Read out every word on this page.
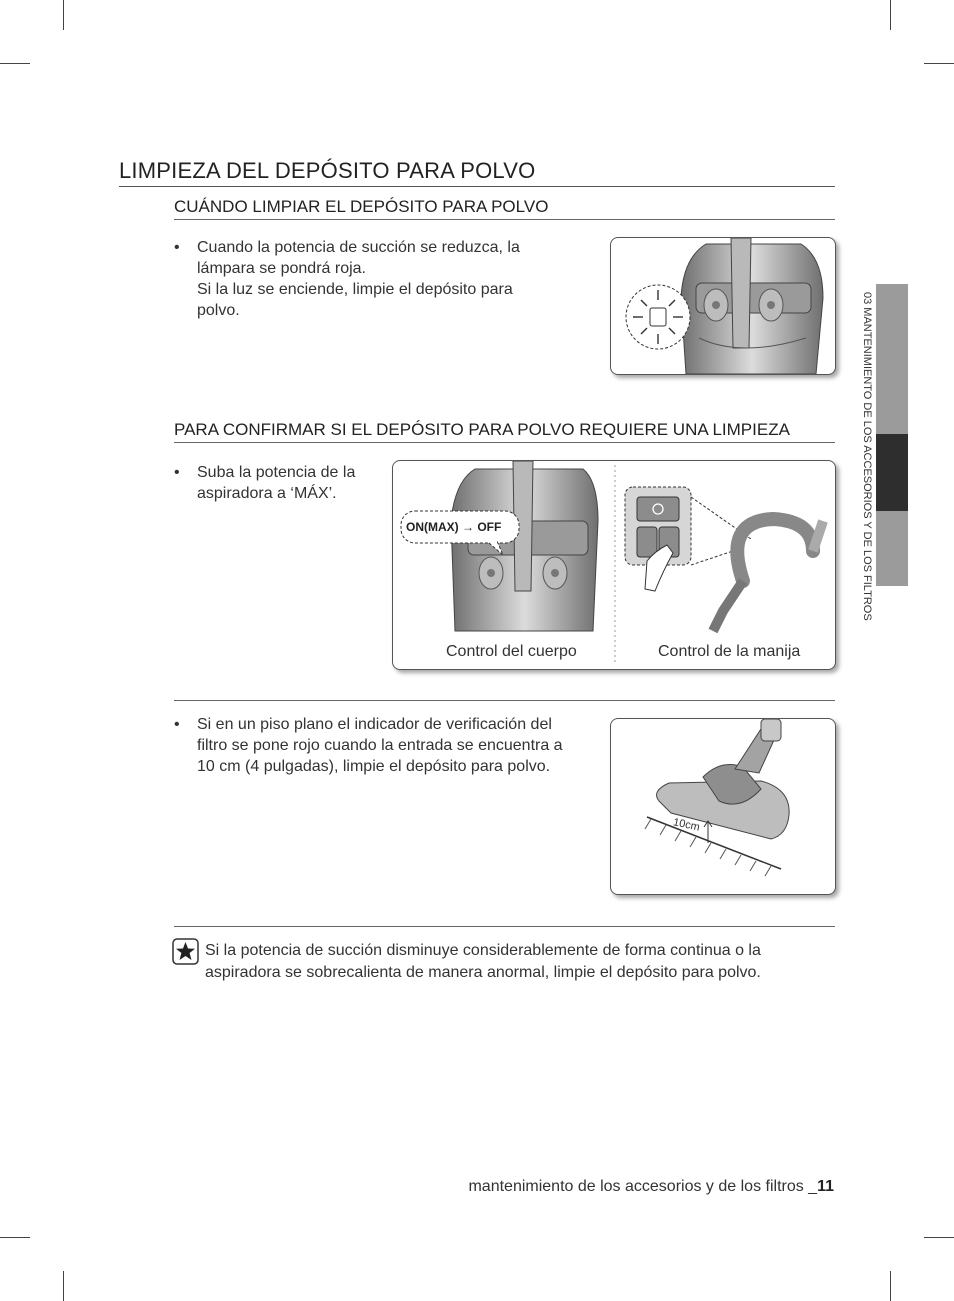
LIMPIEZA DEL DEPÓSITO PARA POLVO
CUÁNDO LIMPIAR EL DEPÓSITO PARA POLVO
• Cuando la potencia de succión se reduzca, la
lámpara se pondrá roja.
Si la luz se enciende, limpie el depósito para
polvo.
PARA CONFIRMAR SI EL DEPÓSITO PARA POLVO REQUIERE UNA LIMPIEZA
• Suba la potencia de la
aspiradora a ‘MÁX’.
ON(MAX) → OFF
Control del cuerpo	Control de la manija
• Si en un piso plano el indicador de verificación del
filtro se pone rojo cuando la entrada se encuentra a
10 cm (4 pulgadas), limpie el depósito para polvo.
10cm
Si la potencia de succión disminuye considerablemente de forma continua o la
aspiradora se sobrecalienta de manera anormal, limpie el depósito para polvo.
03 MANTENIMIENTO DE LOS ACCESORIOS Y DE LOS FILTROS
mantenimiento de los accesorios y de los filtros _11
